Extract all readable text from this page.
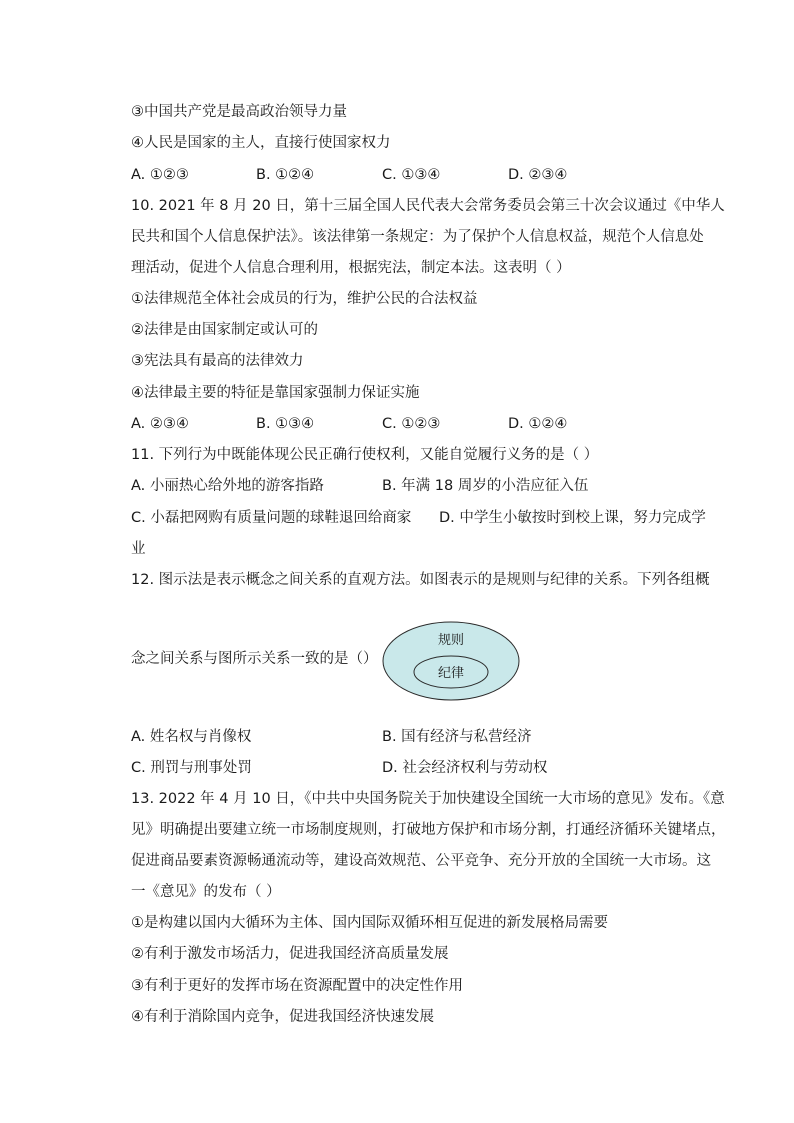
③中国共产党是最高政治领导力量
④人民是国家的主人，直接行使国家权力
A. ①②③	B. ①②④	C. ①③④	D. ②③④
10. 2021 年 8 月 20 日，第十三届全国人民代表大会常务委员会第三十次会议通过《中华人
民共和国个人信息保护法》。该法律第一条规定：为了保护个人信息权益，规范个人信息处
理活动，促进个人信息合理利用，根据宪法，制定本法。这表明（ ）
①法律规范全体社会成员的行为，维护公民的合法权益
②法律是由国家制定或认可的
③宪法具有最高的法律效力
④法律最主要的特征是靠国家强制力保证实施
A. ②③④	B. ①③④	C. ①②③	D. ①②④
11. 下列行为中既能体现公民正确行使权利，又能自觉履行义务的是（ ）
A. 小丽热心给外地的游客指路	B. 年满 18 周岁的小浩应征入伍
C. 小磊把网购有质量问题的球鞋退回给商家 D. 中学生小敏按时到校上课，努力完成学
业
12. 图示法是表示概念之间关系的直观方法。如图表示的是规则与纪律的关系。下列各组概
念之间关系与图所示关系一致的是（）
规则
纪律
A. 姓名权与肖像权	B. 国有经济与私营经济
C. 刑罚与刑事处罚	D. 社会经济权利与劳动权
13. 2022 年 4 月 10 日，《中共中央国务院关于加快建设全国统一大市场的意见》发布。《意
见》明确提出要建立统一市场制度规则，打破地方保护和市场分割，打通经济循环关键堵点，
促进商品要素资源畅通流动等，建设高效规范、公平竞争、充分开放的全国统一大市场。这
一《意见》的发布（ ）
①是构建以国内大循环为主体、国内国际双循环相互促进的新发展格局需要
②有利于激发市场活力，促进我国经济高质量发展
③有利于更好的发挥市场在资源配置中的决定性作用
④有利于消除国内竞争，促进我国经济快速发展
